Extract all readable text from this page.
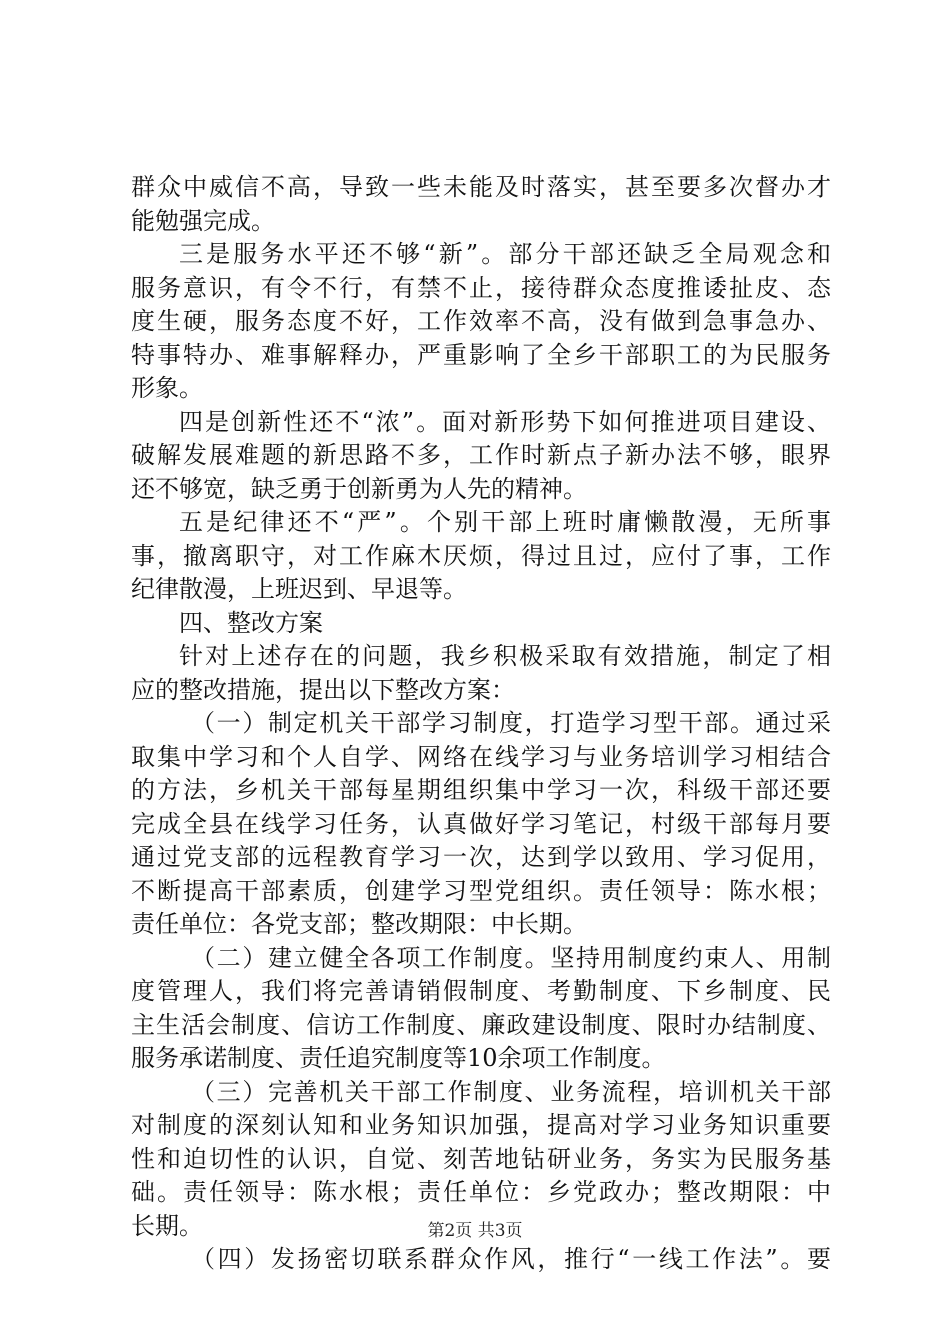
群众中威信不高，导致一些未能及时落实，甚至要多次督办才
能勉强完成。
三是服务水平还不够“新”。部分干部还缺乏全局观念和
服务意识，有令不行，有禁不止，接待群众态度推诿扯皮、态
度生硬，服务态度不好，工作效率不高，没有做到急事急办、
特事特办、难事解释办，严重影响了全乡干部职工的为民服务
形象。
四是创新性还不“浓”。面对新形势下如何推进项目建设、
破解发展难题的新思路不多，工作时新点子新办法不够，眼界
还不够宽，缺乏勇于创新勇为人先的精神。
五是纪律还不“严”。个别干部上班时庸懒散漫，无所事
事，撤离职守，对工作麻木厌烦，得过且过，应付了事，工作
纪律散漫，上班迟到、早退等。
四、整改方案
针对上述存在的问题，我乡积极采取有效措施，制定了相
应的整改措施，提出以下整改方案：
（一）制定机关干部学习制度，打造学习型干部。通过采
取集中学习和个人自学、网络在线学习与业务培训学习相结合
的方法，乡机关干部每星期组织集中学习一次，科级干部还要
完成全县在线学习任务，认真做好学习笔记，村级干部每月要
通过党支部的远程教育学习一次，达到学以致用、学习促用，
不断提高干部素质，创建学习型党组织。责任领导：陈水根；
责任单位：各党支部；整改期限：中长期。
（二）建立健全各项工作制度。坚持用制度约束人、用制
度管理人，我们将完善请销假制度、考勤制度、下乡制度、民
主生活会制度、信访工作制度、廉政建设制度、限时办结制度、
服务承诺制度、责任追究制度等10余项工作制度。
（三）完善机关干部工作制度、业务流程，培训机关干部
对制度的深刻认知和业务知识加强，提高对学习业务知识重要
性和迫切性的认识，自觉、刻苦地钻研业务，务实为民服务基
础。责任领导：陈水根；责任单位：乡党政办；整改期限：中
长期。
（四）发扬密切联系群众作风，推行“一线工作法”。要
第2页 共3页
